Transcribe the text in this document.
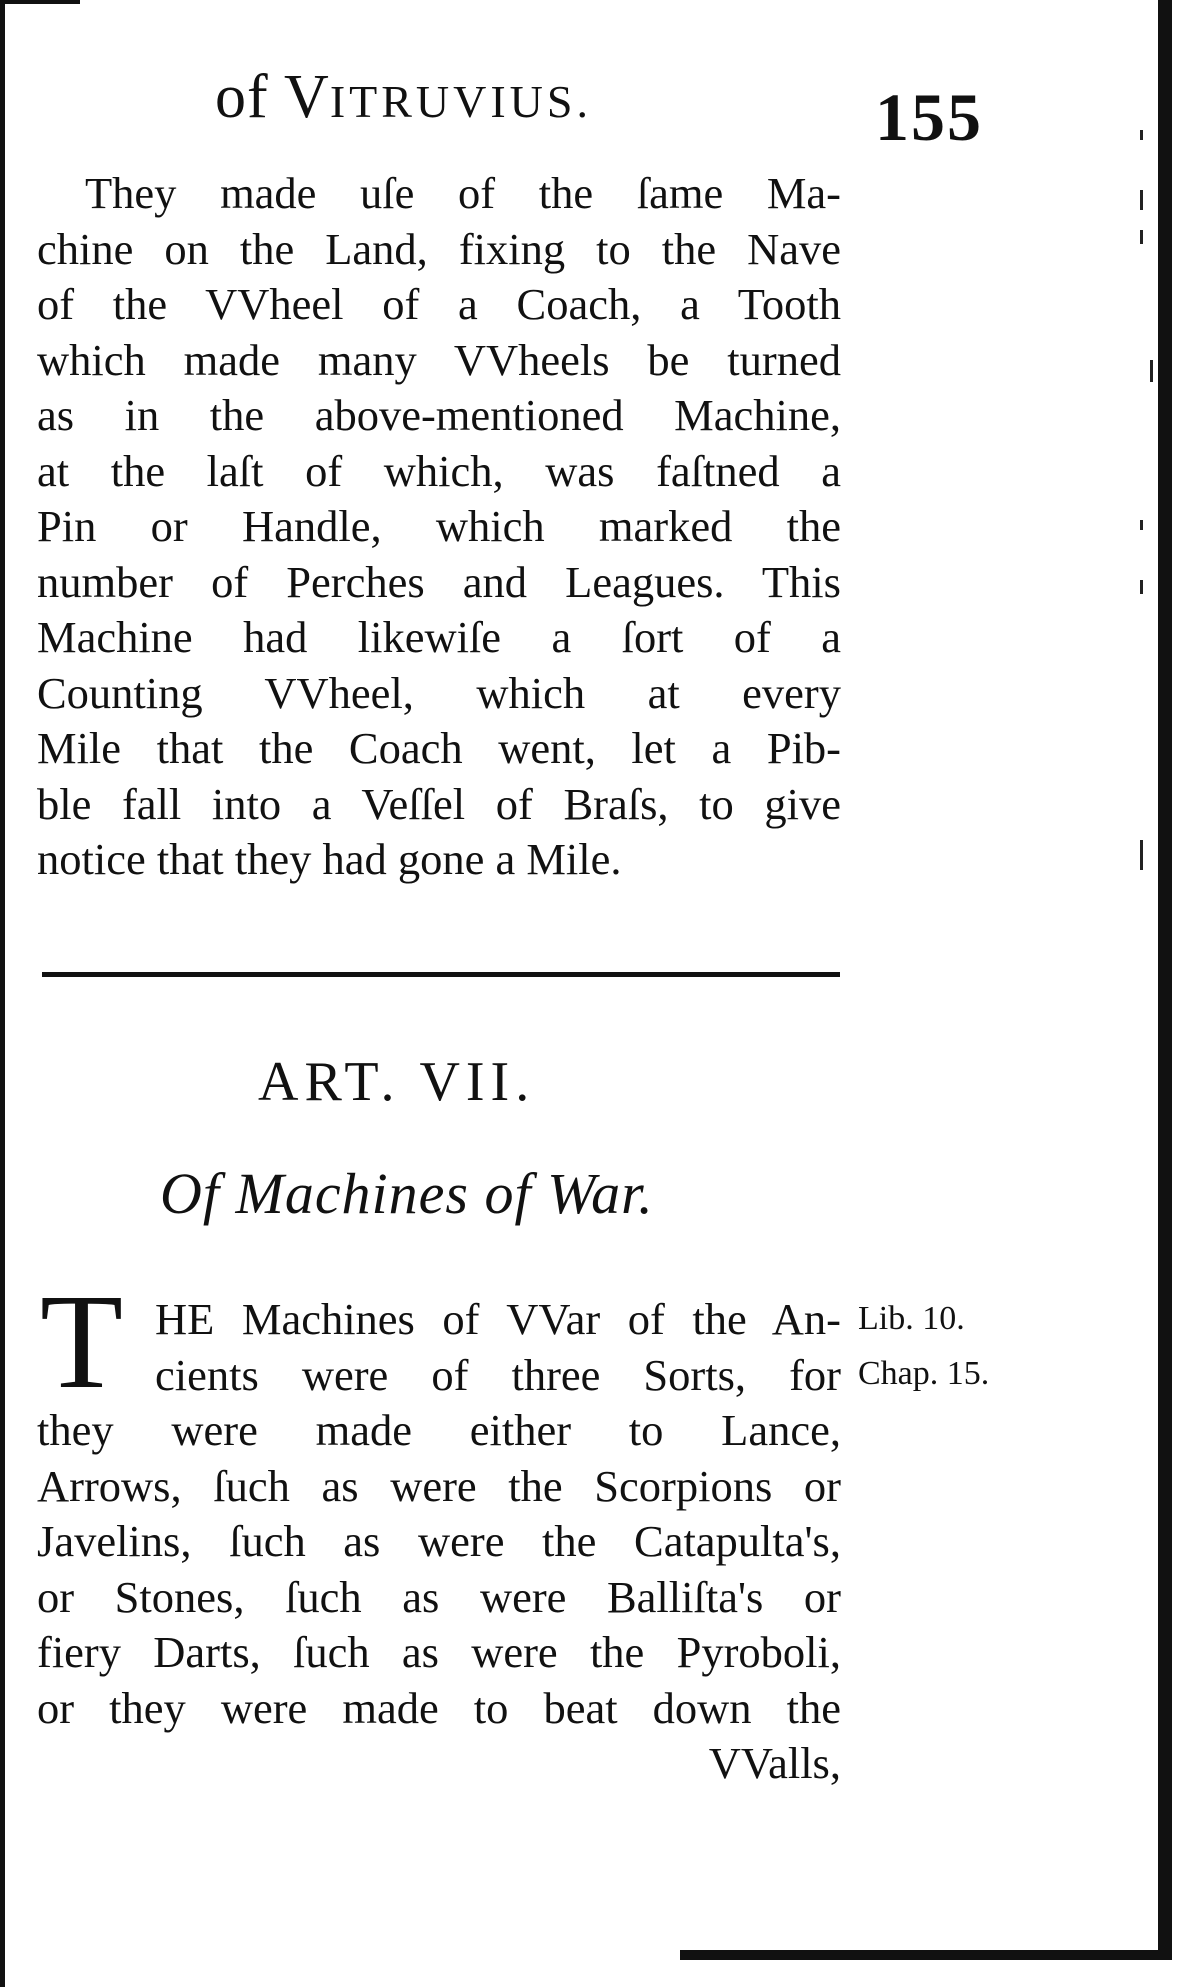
of VITRUVIUS.	155
They made uſe of the ſame Ma-
chine on the Land, fixing to the Nave
of the VVheel of a Coach, a Tooth
which made many VVheels be turned
as in the above-mentioned Machine,
at the laſt of which, was faſtned a
Pin or Handle, which marked the
number of Perches and Leagues. This
Machine had likewiſe a ſort of a
Counting VVheel, which at every
Mile that the Coach went, let a Pib-
ble fall into a Veſſel of Braſs, to give
notice that they had gone a Mile.
ART. VII.
Of Machines of War.
T HE Machines of VVar of the An-
cients were of three Sorts, for
they were made either to Lance,
Arrows, ſuch as were the Scorpions or
Javelins, ſuch as were the Catapulta's,
or Stones, ſuch as were Balliſta's or
fiery Darts, ſuch as were the Pyroboli,
or they were made to beat down the
VValls,
Lib. 10.
Chap. 15.
